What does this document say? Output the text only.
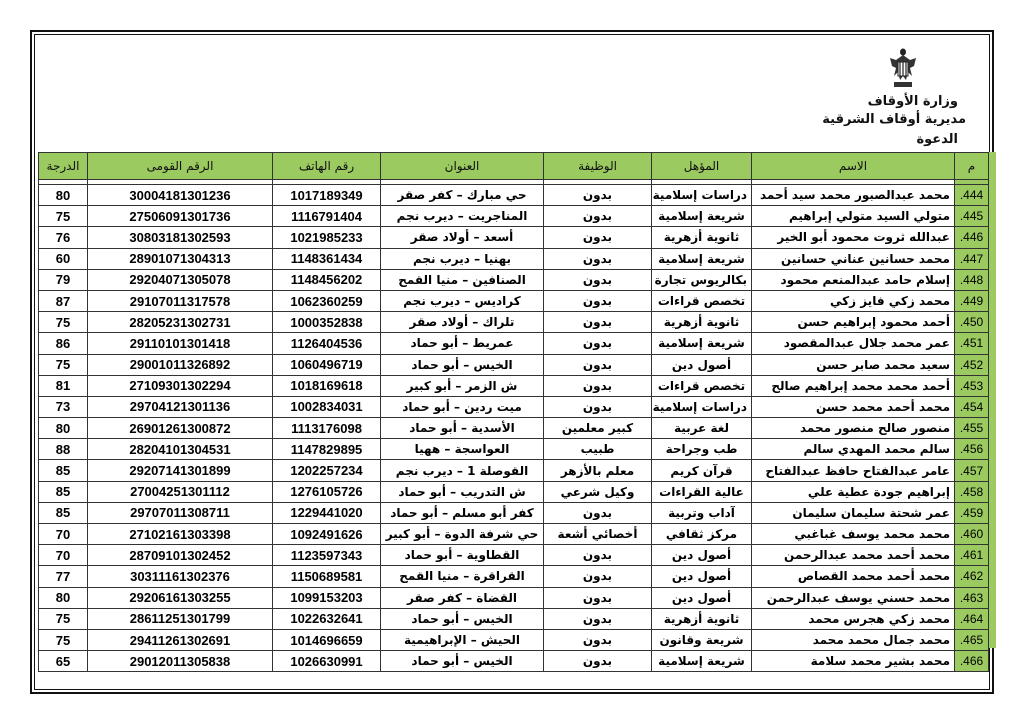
وزارة الأوقاف
مديرية أوقاف الشرقية
الدعوة
م	الاسم	المؤهل	الوظيفة	العنوان	رقم الهاتف	الرقم القومى	الدرجة

444.	محمد عبدالصبور محمد سيد أحمد	دراسات إسلامية	بدون	حي مبارك – كفر صقر	1017189349	30004181301236	80
445.	متولي السيد متولي إبراهيم	شريعة إسلامية	بدون	المناجريت – ديرب نجم	1116791404	27506091301736	75
446.	عبدالله ثروت محمود أبو الخير	ثانوية أزهرية	بدون	أسعد – أولاد صقر	1021985233	30803181302593	76
447.	محمد حسانين عناني حسانين	شريعة إسلامية	بدون	بهنيا – ديرب نجم	1148361434	28901071304313	60
448.	إسلام حامد عبدالمنعم محمود	بكالريوس تجارة	بدون	الصنافين – منيا القمح	1148456202	29204071305078	79
449.	محمد زكي فايز زكي	تخصص قراءات	بدون	كراديس – ديرب نجم	1062360259	29107011317578	87
450.	أحمد محمود إبراهيم حسن	ثانوية أزهرية	بدون	تلراك – أولاد صقر	1000352838	28205231302731	75
451.	عمر محمد جلال عبدالمقصود	شريعة إسلامية	بدون	عمريط – أبو حماد	1126404536	29110101301418	86
452.	سعيد محمد صابر حسن	أصول دين	بدون	الخيس – أبو حماد	1060496719	29001011326892	75
453.	أحمد محمد محمد إبراهيم صالح	تخصص قراءات	بدون	ش الزمر – أبو كبير	1018169618	27109301302294	81
454.	محمد أحمد محمد حسن	دراسات إسلامية	بدون	ميت ردين – أبو حماد	1002834031	29704121301136	73
455.	منصور صالح منصور محمد	لغة عربية	كبير معلمين	الأسدية – أبو حماد	1113176098	26901261300872	80
456.	سالم محمد المهدي سالم	طب وجراحة	طبيب	العواسجة – ههيا	1147829895	28204101304531	88
457.	عامر عبدالفتاح حافظ عبدالفتاح	قرآن كريم	معلم بالأزهر	القوصلة 1 – ديرب نجم	1202257234	29207141301899	85
458.	إبراهيم جودة عطية علي	عالية القراءات	وكيل شرعي	ش التدريب – أبو حماد	1276105726	27004251301112	85
459.	عمر شحتة سليمان سليمان	آداب وتربية	بدون	كفر أبو مسلم – أبو حماد	1229441020	29707011308711	85
460.	محمد محمد يوسف غباغبي	مركز ثقافي	أخصائي أشعة	حي شرفة الدوة – أبو كبير	1092491626	27102161303398	70
461.	محمد أحمد محمد عبدالرحمن	أصول دين	بدون	القطاوية – أبو حماد	1123597343	28709101302452	70
462.	محمد أحمد محمد القصاص	أصول دين	بدون	القراقرة – منيا القمح	1150689581	30311161302376	77
463.	محمد حسني يوسف عبدالرحمن	أصول دين	بدون	القضاة – كفر صقر	1099153203	29206161303255	80
464.	محمد زكي هجرس محمد	ثانوية أزهرية	بدون	الخيس – أبو حماد	1022632641	28611251301799	75
465.	محمد جمال محمد محمد	شريعة وقانون	بدون	الحيش – الإبراهيمية	1014696659	29411261302691	75
466.	محمد بشير محمد سلامة	شريعة إسلامية	بدون	الخيس – أبو حماد	1026630991	29012011305838	65
